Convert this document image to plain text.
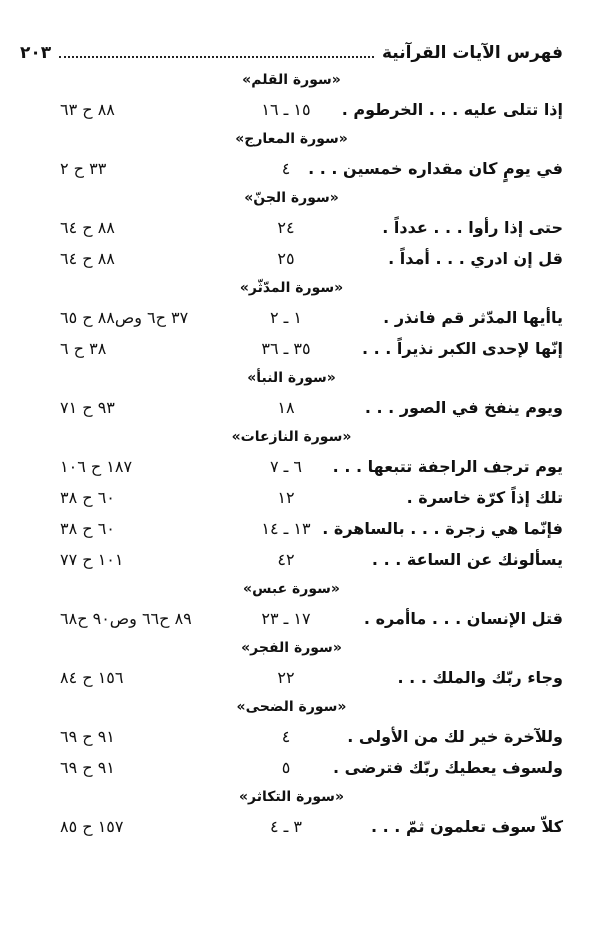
فهرس الآيات القرآنية
٢٠٣
«سورة القلم»
إذا تتلى عليه . . . الخرطوم .
١٥ ـ ١٦
٨٨ ح ٦٣
«سورة المعارج»
في يومٍ كان مقداره خمسين . . .
٤
٣٣ ح ٢
«سورة الجنّ»
حتى إذا رأوا . . . عدداً .
٢٤
٨٨ ح ٦٤
قل إن ادري . . . أمداً .
٢٥
٨٨ ح ٦٤
«سورة المدّثّر»
ياأيها المدّثر قم فانذر .
١ ـ ٢
٣٧ ح٦ وص٨٨ ح ٦٥
إنّها لإحدى الكبر نذيراً . . .
٣٥ ـ ٣٦
٣٨ ح ٦
«سورة النبأ»
ويوم ينفخ في الصور . . .
١٨
٩٣ ح ٧١
«سورة النازعات»
يوم ترجف الراجفة تتبعها . . .
٦ ـ ٧
١٨٧ ح ١٠٦
تلك إذاً كرّة خاسرة .
١٢
٦٠ ح ٣٨
فإنّما هي زجرة . . . بالساهرة .
١٣ ـ ١٤
٦٠ ح ٣٨
يسألونك عن الساعة . . .
٤٢
١٠١ ح ٧٧
«سورة عبس»
قتل الإنسان . . . ماأمره .
١٧ ـ ٢٣
٨٩ ح٦٦ وص٩٠ ح٦٨
«سورة الفجر»
وجاء ربّك والملك . . .
٢٢
١٥٦ ح ٨٤
«سورة الضحى»
وللآخرة خير لك من الأولى .
٤
٩١ ح ٦٩
ولسوف يعطيك ربّك فترضى .
٥
٩١ ح ٦٩
«سورة التكاثر»
كلاّ سوف تعلمون ثمّ . . .
٣ ـ ٤
١٥٧ ح ٨٥
